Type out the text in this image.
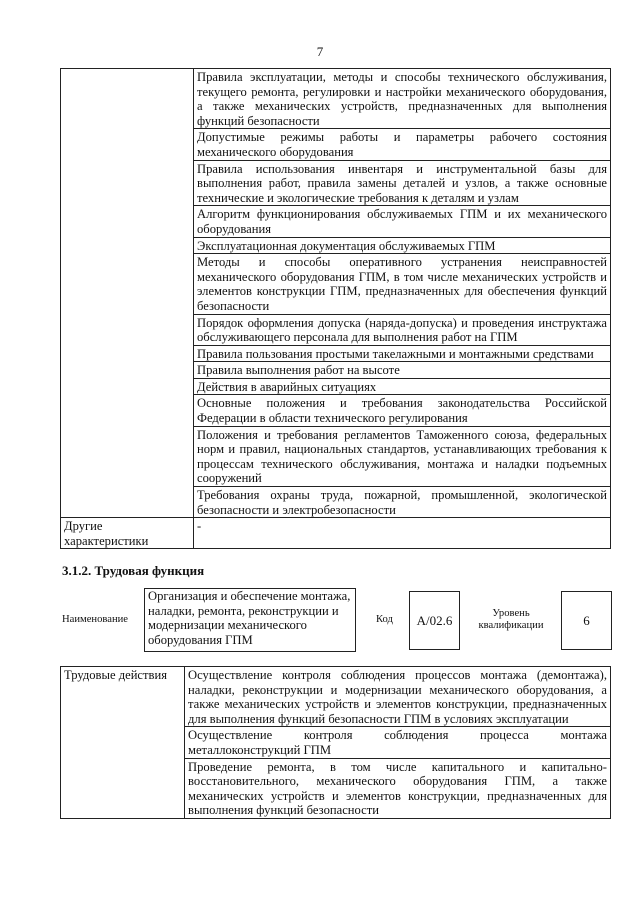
7
	Правила эксплуатации, методы и способы технического обслуживания, текущего ремонта, регулировки и настройки механического оборудования, а также механических устройств, предназначенных для выполнения функций безопасности
	Допустимые режимы работы и параметры рабочего состояния механического оборудования
	Правила использования инвентаря и инструментальной базы для выполнения работ, правила замены деталей и узлов, а также основные технические и экологические требования к деталям и узлам
	Алгоритм функционирования обслуживаемых ГПМ и их механического оборудования
	Эксплуатационная документация обслуживаемых ГПМ
	Методы и способы оперативного устранения неисправностей механического оборудования ГПМ, в том числе механических устройств и элементов конструкции ГПМ, предназначенных для обеспечения функций безопасности
	Порядок оформления допуска (наряда-допуска) и проведения инструктажа обслуживающего персонала для выполнения работ на ГПМ
	Правила пользования простыми такелажными и монтажными средствами
	Правила выполнения работ на высоте
	Действия в аварийных ситуациях
	Основные положения и требования законодательства Российской Федерации в области технического регулирования
	Положения и требования регламентов Таможенного союза, федеральных норм и правил, национальных стандартов, устанавливающих требования к процессам технического обслуживания, монтажа и наладки подъемных сооружений
	Требования охраны труда, пожарной, промышленной, экологической безопасности и электробезопасности
Другие характеристики	-
3.1.2. Трудовая функция
Наименование
Организация и обеспечение монтажа, наладки, ремонта, реконструкции и модернизации механического оборудования ГПМ
Код	А/02.6	Уровень квалификации	6
Трудовые действия	Осуществление контроля соблюдения процессов монтажа (демонтажа), наладки, реконструкции и модернизации механического оборудования, а также механических устройств и элементов конструкции, предназначенных для выполнения функций безопасности ГПМ в условиях эксплуатации
Осуществление контроля соблюдения процесса монтажа металлоконструкций ГПМ
Проведение ремонта, в том числе капитального и капитально-восстановительного, механического оборудования ГПМ, а также механических устройств и элементов конструкции, предназначенных для выполнения функций безопасности
